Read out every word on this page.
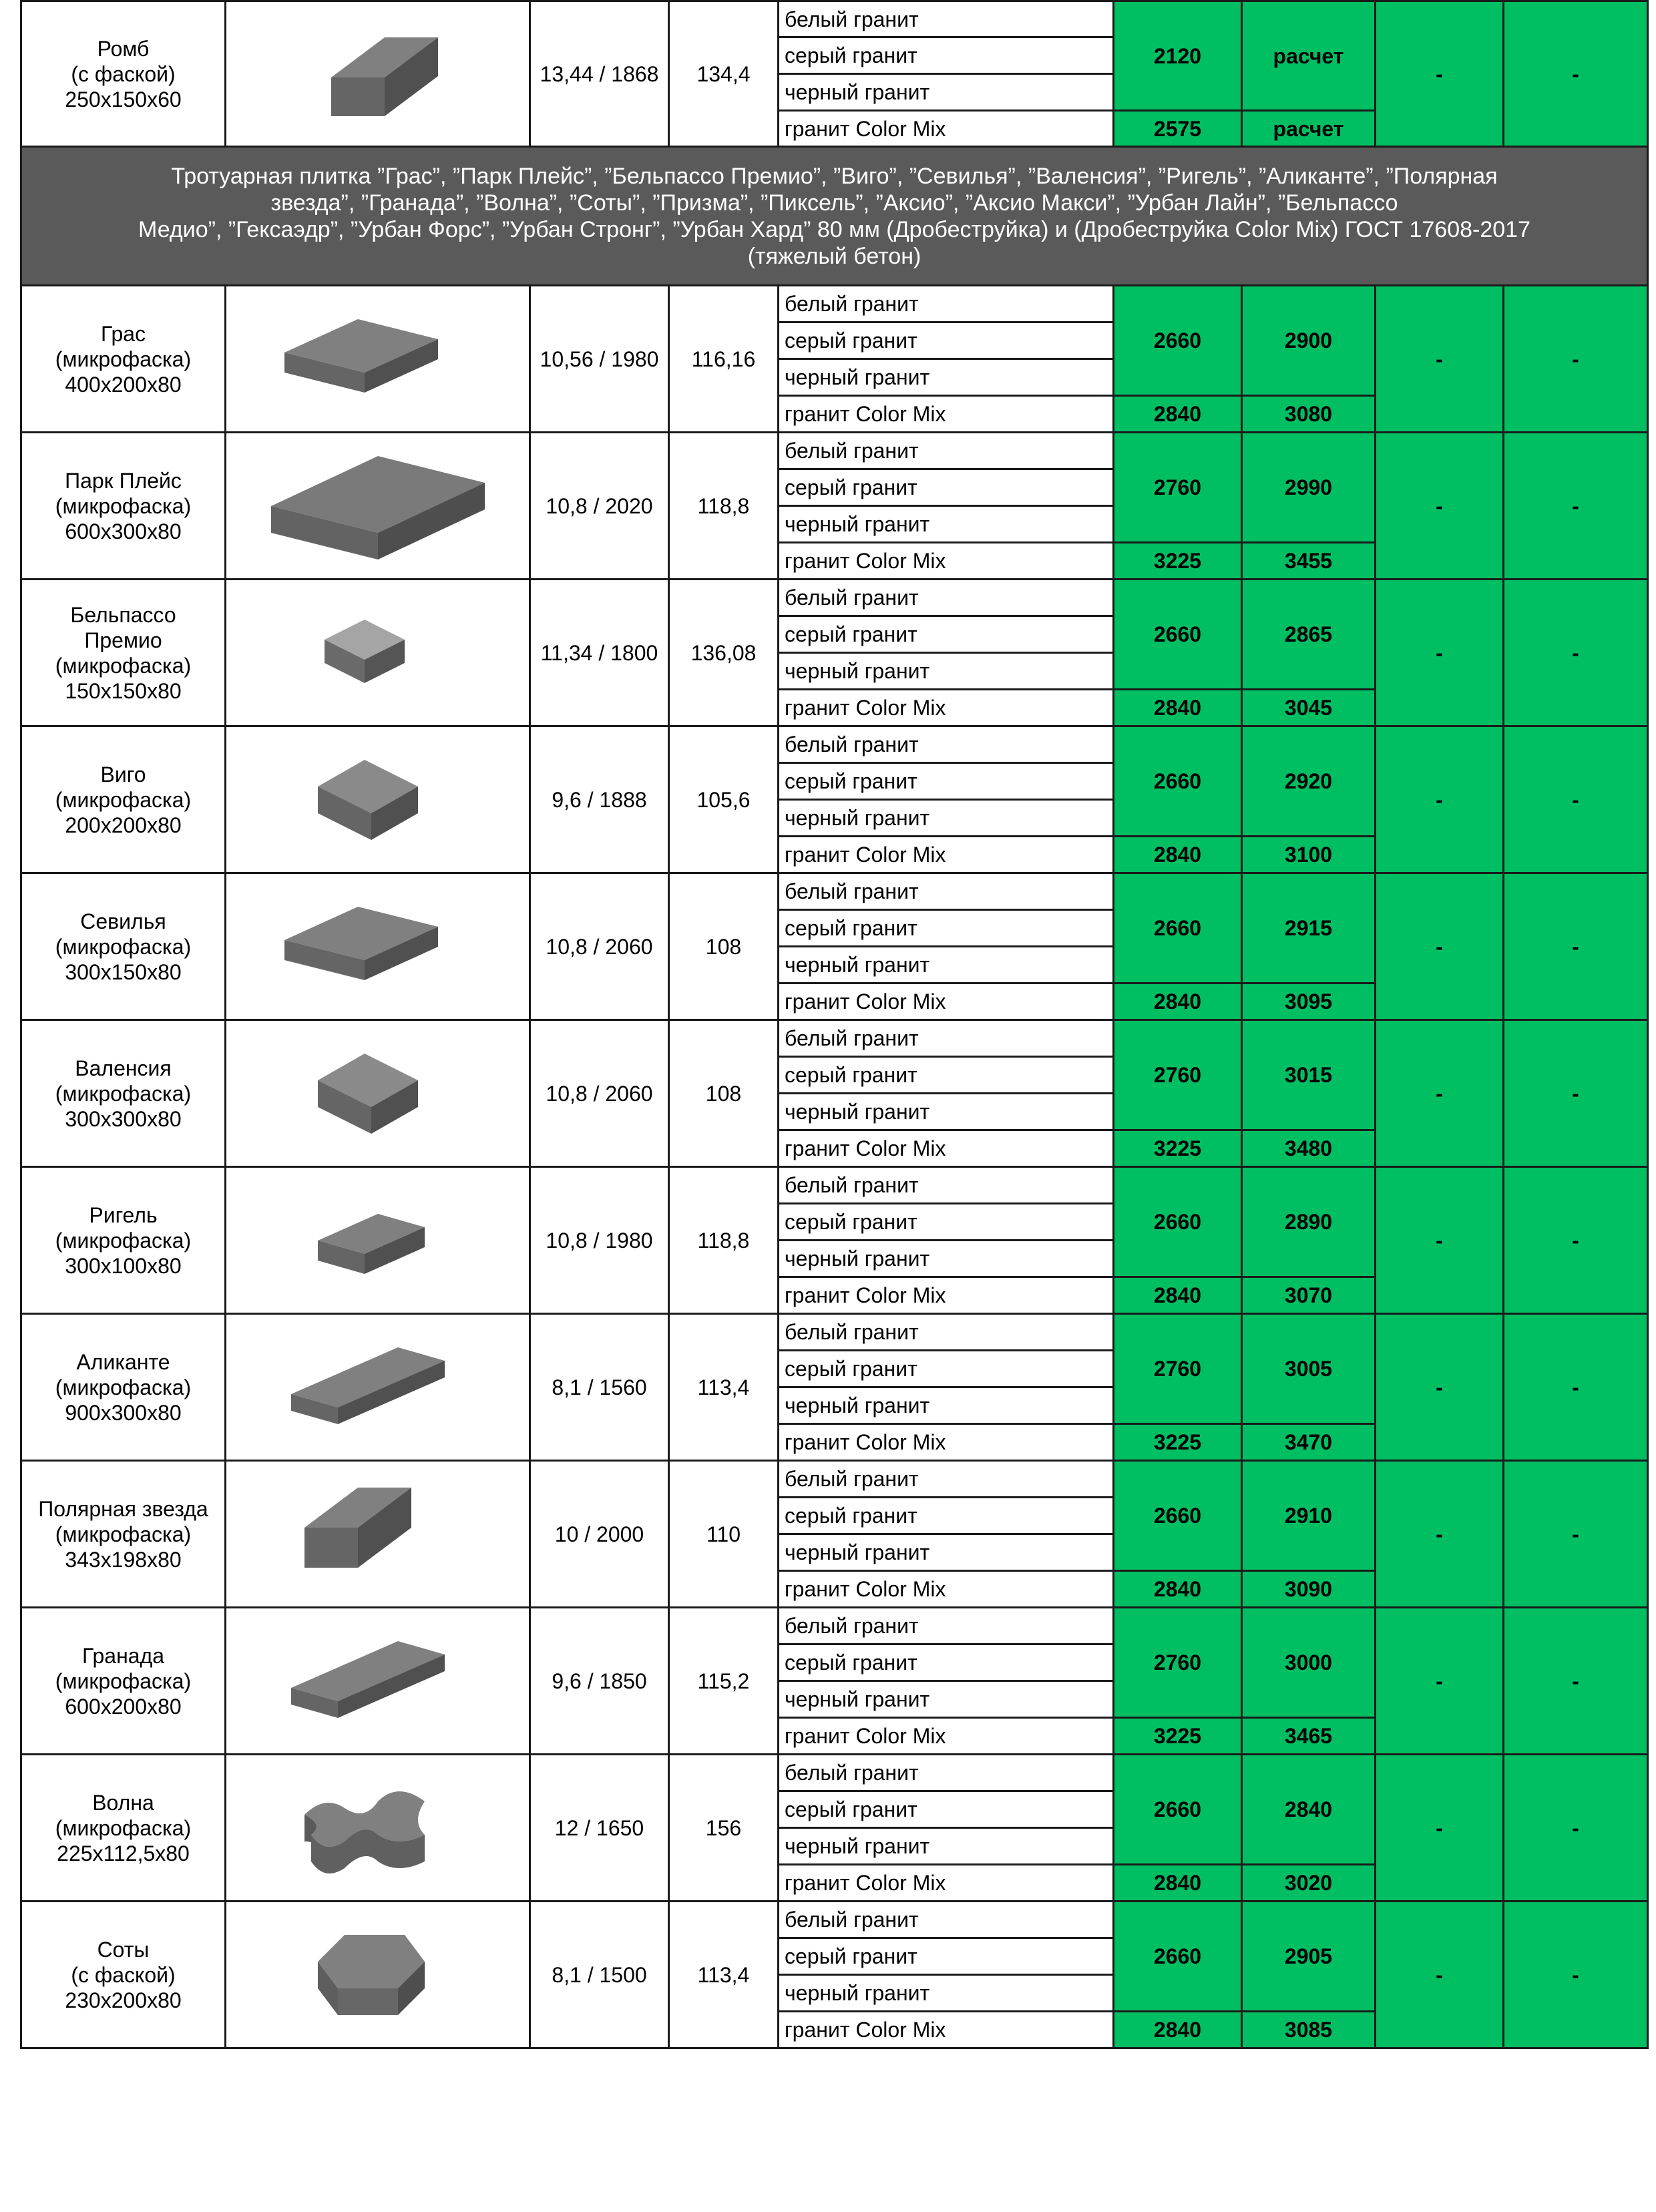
Ромб
(с фаской)
250х150х60		13,44 / 1868	134,4	белый гранит	2120	расчет	-	-
				серый гранит				
				черный гранит				
				гранит Color Mix	2575	расчет		

Тротуарная плитка ”Грас”, ”Парк Плейс”, ”Бельпассо Премио”, ”Виго”, ”Севилья”, ”Валенсия”, ”Ригель”, ”Аликанте”, ”Полярная
звезда”, ”Гранада”, ”Волна”, ”Соты”, ”Призма”, ”Пиксель”, ”Аксио”, ”Аксио Макси”, ”Урбан Лайн”, ”Бельпассо
Медио”, ”Гексаэдр”, ”Урбан Форс”, ”Урбан Стронг”, ”Урбан Хард” 80 мм (Дробеструйка) и (Дробеструйка Color Mix) ГОСТ 17608-2017
(тяжелый бетон)								

Грас
(микрофаска)
400х200х80		10,56 / 1980	116,16	белый гранит	2660	2900	-	-
				серый гранит				
				черный гранит				
				гранит Color Mix	2840	3080		

Парк Плейс
(микрофаска)
600х300х80		10,8 / 2020	118,8	белый гранит	2760	2990	-	-
				серый гранит				
				черный гранит				
				гранит Color Mix	3225	3455		

Бельпассо
Премио
(микрофаска)
150х150х80		11,34 / 1800	136,08	белый гранит	2660	2865	-	-
				серый гранит				
				черный гранит				
				гранит Color Mix	2840	3045		

Виго
(микрофаска)
200х200х80		9,6 / 1888	105,6	белый гранит	2660	2920	-	-
				серый гранит				
				черный гранит				
				гранит Color Mix	2840	3100		

Севилья
(микрофаска)
300х150х80		10,8 / 2060	108	белый гранит	2660	2915	-	-
				серый гранит				
				черный гранит				
				гранит Color Mix	2840	3095		

Валенсия
(микрофаска)
300х300х80		10,8 / 2060	108	белый гранит	2760	3015	-	-
				серый гранит				
				черный гранит				
				гранит Color Mix	3225	3480		

Ригель
(микрофаска)
300х100х80		10,8 / 1980	118,8	белый гранит	2660	2890	-	-
				серый гранит				
				черный гранит				
				гранит Color Mix	2840	3070		

Аликанте
(микрофаска)
900х300х80		8,1 / 1560	113,4	белый гранит	2760	3005	-	-
				серый гранит				
				черный гранит				
				гранит Color Mix	3225	3470		

Полярная звезда
(микрофаска)
343х198х80		10 / 2000	110	белый гранит	2660	2910	-	-
				серый гранит				
				черный гранит				
				гранит Color Mix	2840	3090		

Гранада
(микрофаска)
600х200х80		9,6 / 1850	115,2	белый гранит	2760	3000	-	-
				серый гранит				
				черный гранит				
				гранит Color Mix	3225	3465		

Волна
(микрофаска)
225х112,5х80		12 / 1650	156	белый гранит	2660	2840	-	-
				серый гранит				
				черный гранит				
				гранит Color Mix	2840	3020		

Соты
(с фаской)
230х200х80		8,1 / 1500	113,4	белый гранит	2660	2905	-	-
				серый гранит				
				черный гранит				
				гранит Color Mix	2840	3085		
